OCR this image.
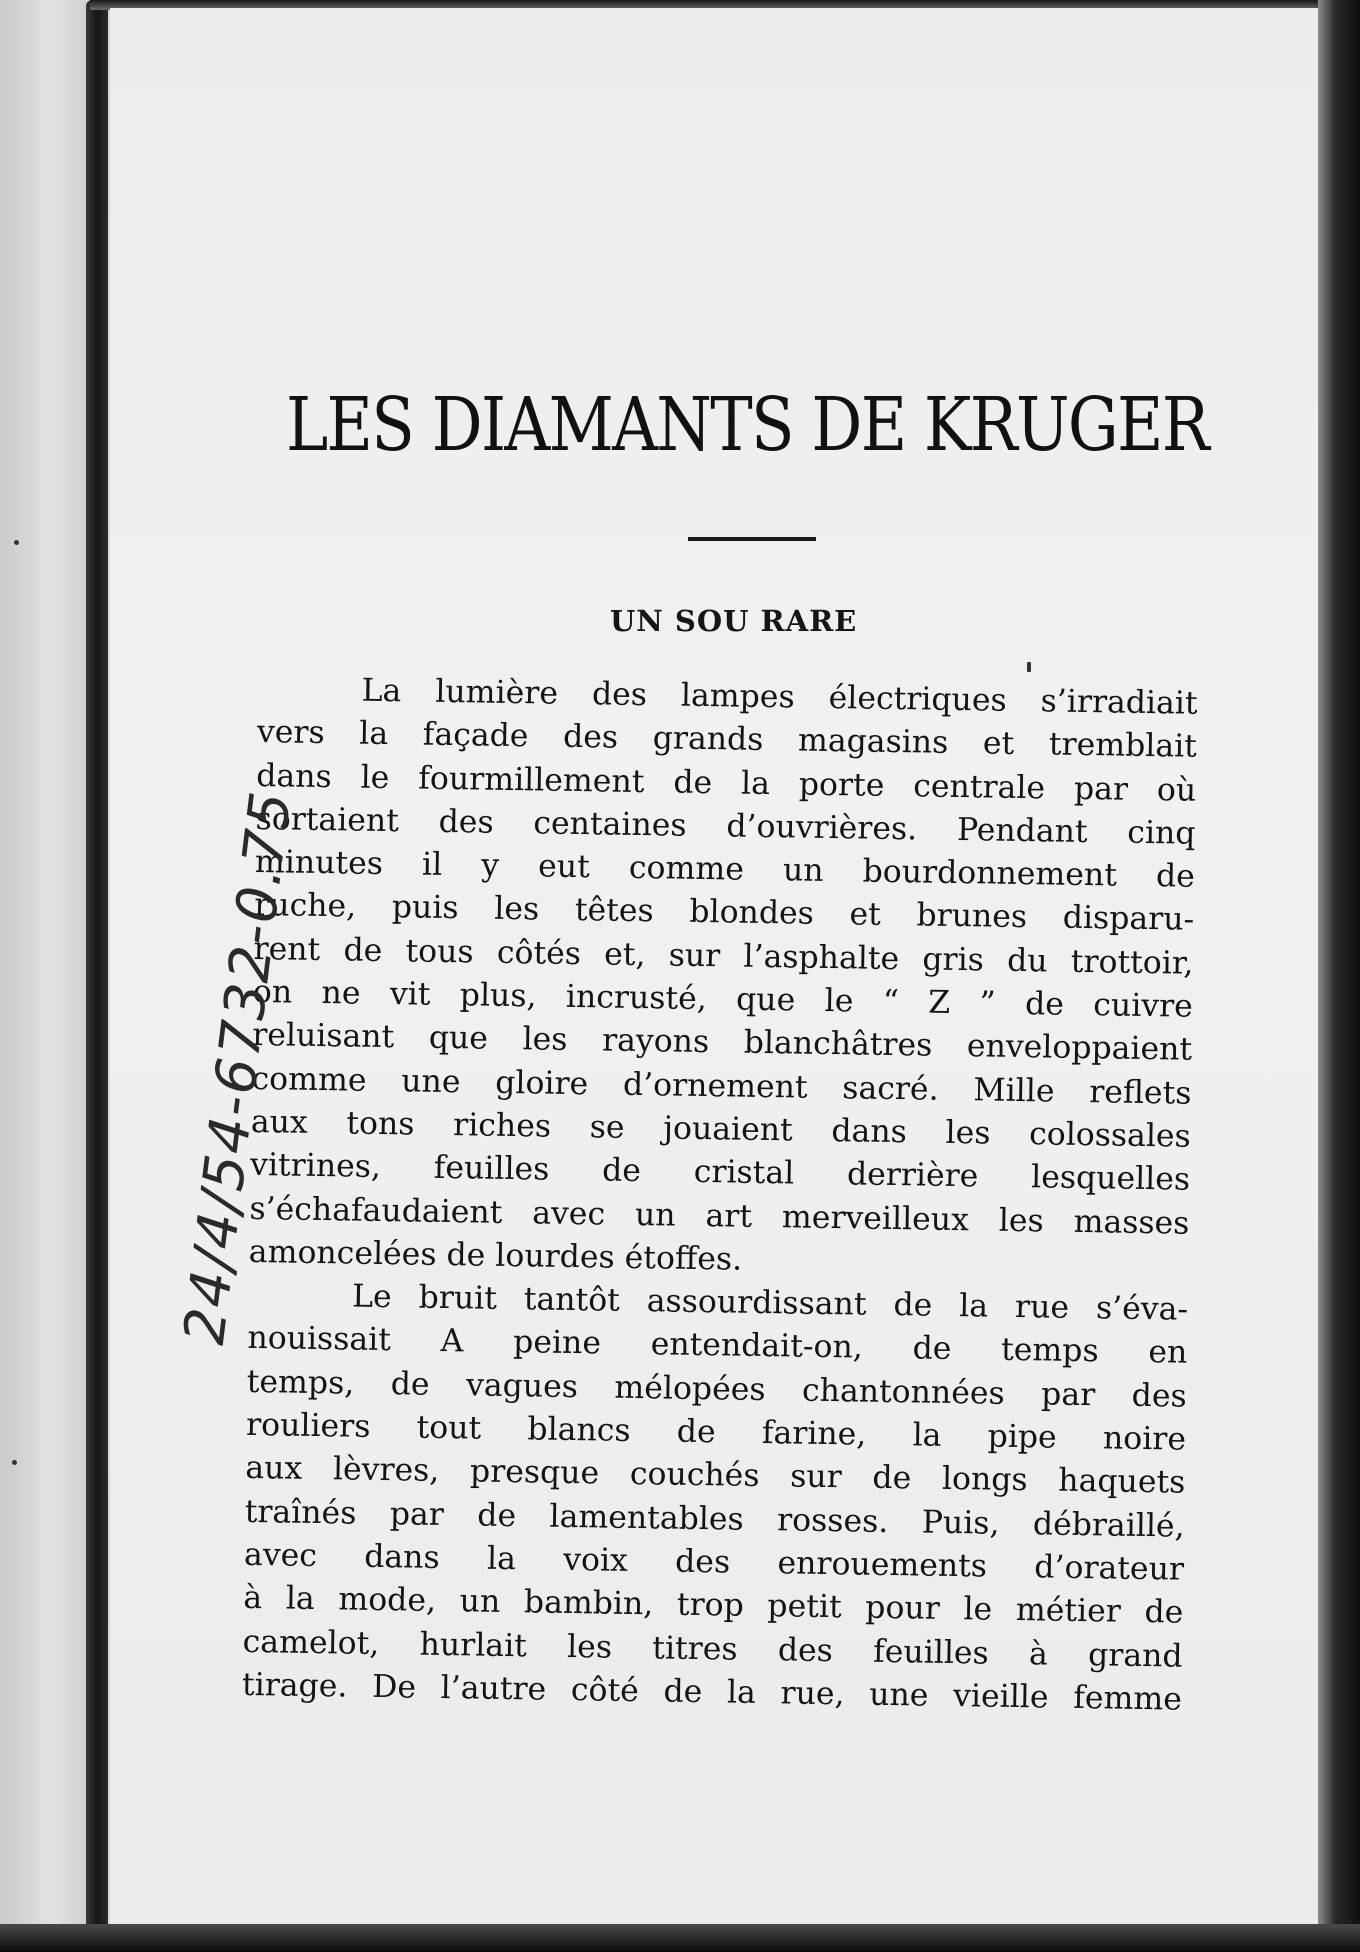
LES DIAMANTS DE KRUGER
UN SOU RARE

La lumière des lampes électriques s’irradiait
vers la façade des grands magasins et tremblait
dans le fourmillement de la porte centrale par où
sortaient des centaines d’ouvrières. Pendant cinq
minutes il y eut comme un bourdonnement de
ruche, puis les têtes blondes et brunes disparu-
rent de tous côtés et, sur l’asphalte gris du trottoir,
on ne vit plus, incrusté, que le “ Z ” de cuivre
reluisant que les rayons blanchâtres enveloppaient
comme une gloire d’ornement sacré. Mille reflets
aux tons riches se jouaient dans les colossales
vitrines, feuilles de cristal derrière lesquelles
s’échafaudaient avec un art merveilleux les masses
amoncelées de lourdes étoffes.

Le bruit tantôt assourdissant de la rue s’éva-
nouissait A peine entendait-on, de temps en
temps, de vagues mélopées chantonnées par des
rouliers tout blancs de farine, la pipe noire
aux lèvres, presque couchés sur de longs haquets
traînés par de lamentables rosses. Puis, débraillé,
avec dans la voix des enrouements d’orateur
à la mode, un bambin, trop petit pour le métier de
camelot, hurlait les titres des feuilles à grand
tirage. De l’autre côté de la rue, une vieille femme

24/4/54-6732-0.75
